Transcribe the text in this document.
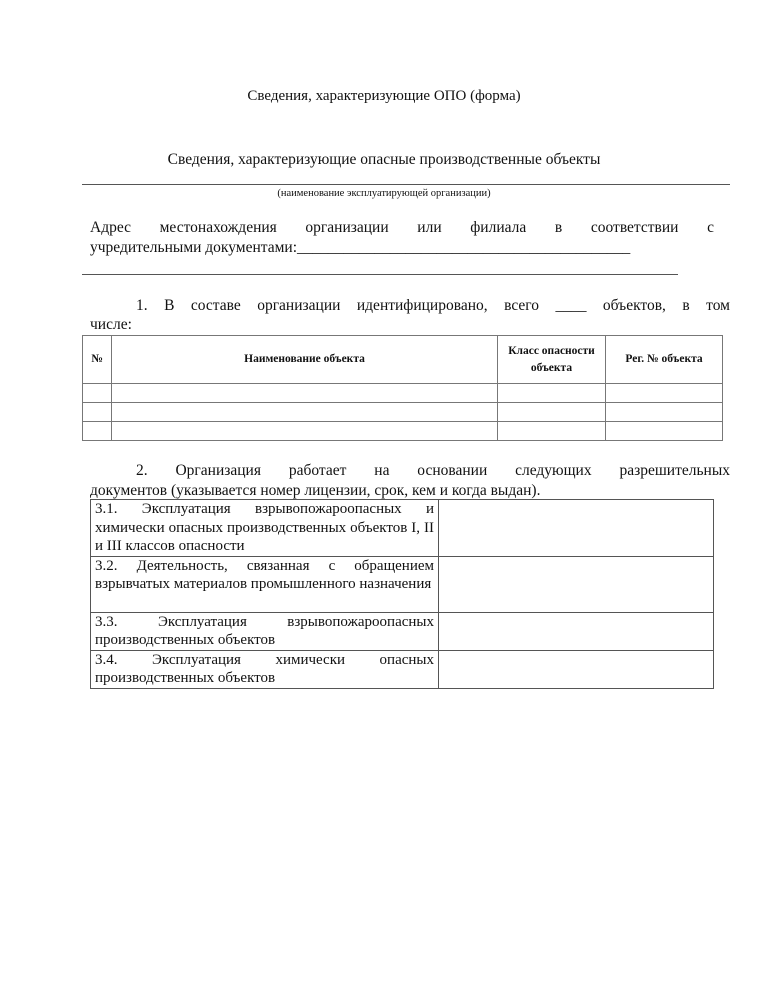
Сведения, характеризующие ОПО (форма)
Сведения, характеризующие опасные производственные объекты
(наименование эксплуатирующей организации)
Адрес местонахождения организации или филиала в соответствии с
учредительными документами:___________________________________________
1. В составе организации идентифицировано, всего ____ объектов, в том
числе:
№	Наименование объекта	Класс опасности объекта	Рег. № объекта

2. Организация работает на основании следующих разрешительных
документов (указывается номер лицензии, срок, кем и когда выдан).
3.1. Эксплуатация взрывопожароопасных и химически опасных производственных объектов I, II и III классов опасности	
3.2. Деятельность, связанная с обращением взрывчатых материалов промышленного назначения	
3.3. Эксплуатация взрывопожароопасных производственных объектов	
3.4. Эксплуатация химически опасных производственных объектов	
